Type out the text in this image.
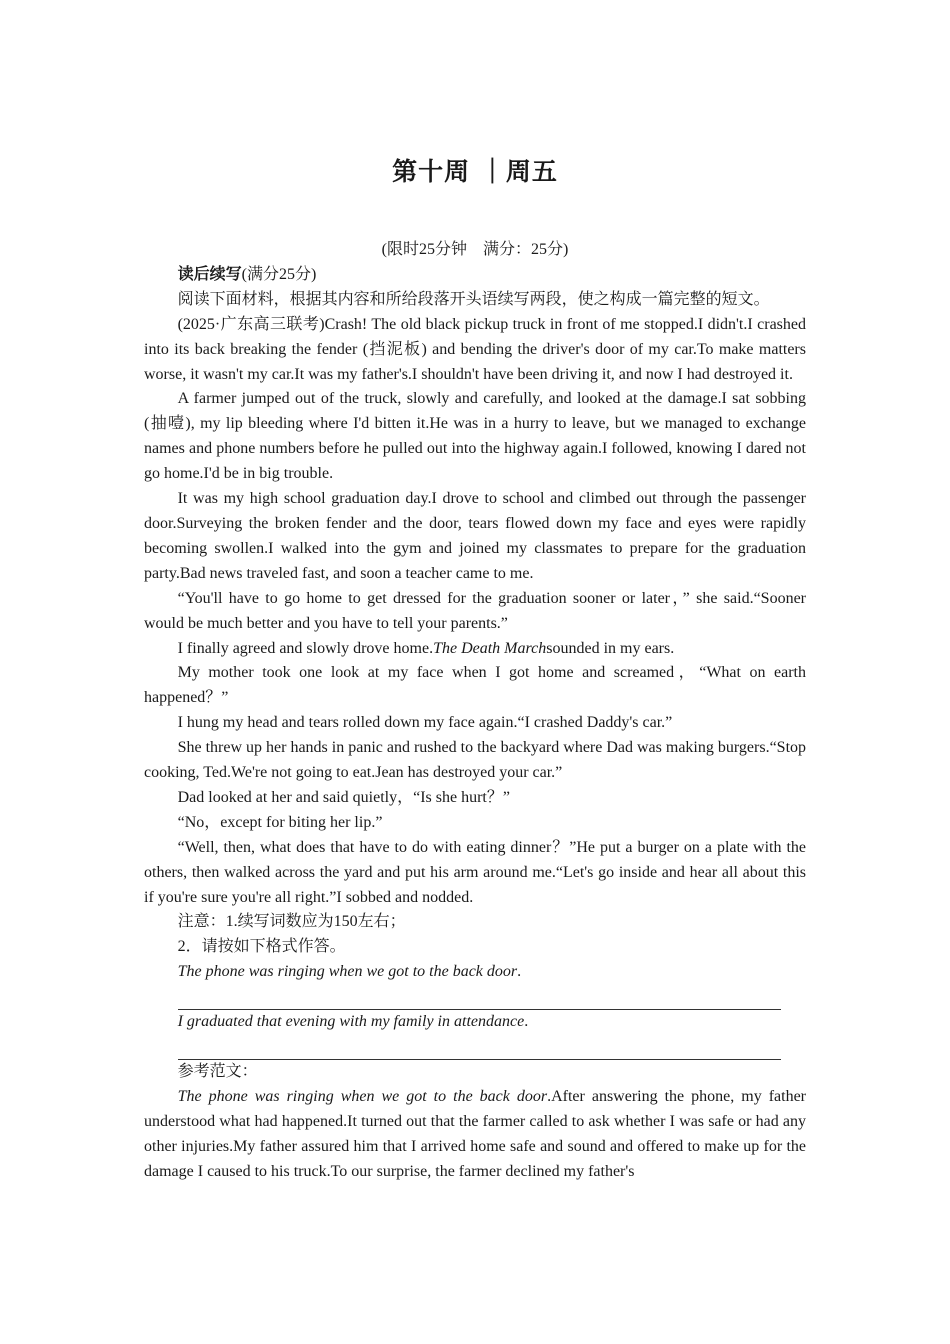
第十周 ｜周五

(限时25分钟　满分：25分)

读后续写(满分25分)

阅读下面材料，根据其内容和所给段落开头语续写两段，使之构成一篇完整的短文。

(2025·广东高三联考)Crash! The old black pickup truck in front of me stopped.I didn't.I crashed into its back breaking the fender (挡泥板) and bending the driver's door of my car.To make matters worse, it wasn't my car.It was my father's.I shouldn't have been driving it, and now I had destroyed it.

A farmer jumped out of the truck, slowly and carefully, and looked at the damage.I sat sobbing (抽噎), my lip bleeding where I'd bitten it.He was in a hurry to leave, but we managed to exchange names and phone numbers before he pulled out into the highway again.I followed, knowing I dared not go home.I'd be in big trouble.

It was my high school graduation day.I drove to school and climbed out through the passenger door.Surveying the broken fender and the door, tears flowed down my face and eyes were rapidly becoming swollen.I walked into the gym and joined my classmates to prepare for the graduation party.Bad news traveled fast, and soon a teacher came to me.

“You'll have to go home to get dressed for the graduation sooner or later，” she said.“Sooner would be much better and you have to tell your parents.”

I finally agreed and slowly drove home.The Death Marchsounded in my ears.

My mother took one look at my face when I got home and screamed，“What on earth happened？”

I hung my head and tears rolled down my face again.“I crashed Daddy's car.”

She threw up her hands in panic and rushed to the backyard where Dad was making burgers.“Stop cooking, Ted.We're not going to eat.Jean has destroyed your car.”

Dad looked at her and said quietly，“Is she hurt？”

“No，except for biting her lip.”

“Well, then, what does that have to do with eating dinner？”He put a burger on a plate with the others, then walked across the yard and put his arm around me.“Let's go inside and hear all about this if you're sure you're all right.”I sobbed and nodded.

注意：1.续写词数应为150左右；

2．请按如下格式作答。

The phone was ringing when we got to the back door.

I graduated that evening with my family in attendance.

参考范文：

The phone was ringing when we got to the back door.After answering the phone, my father understood what had happened.It turned out that the farmer called to ask whether I was safe or had any other injuries.My father assured him that I arrived home safe and sound and offered to make up for the damage I caused to his truck.To our surprise, the farmer declined my father's
